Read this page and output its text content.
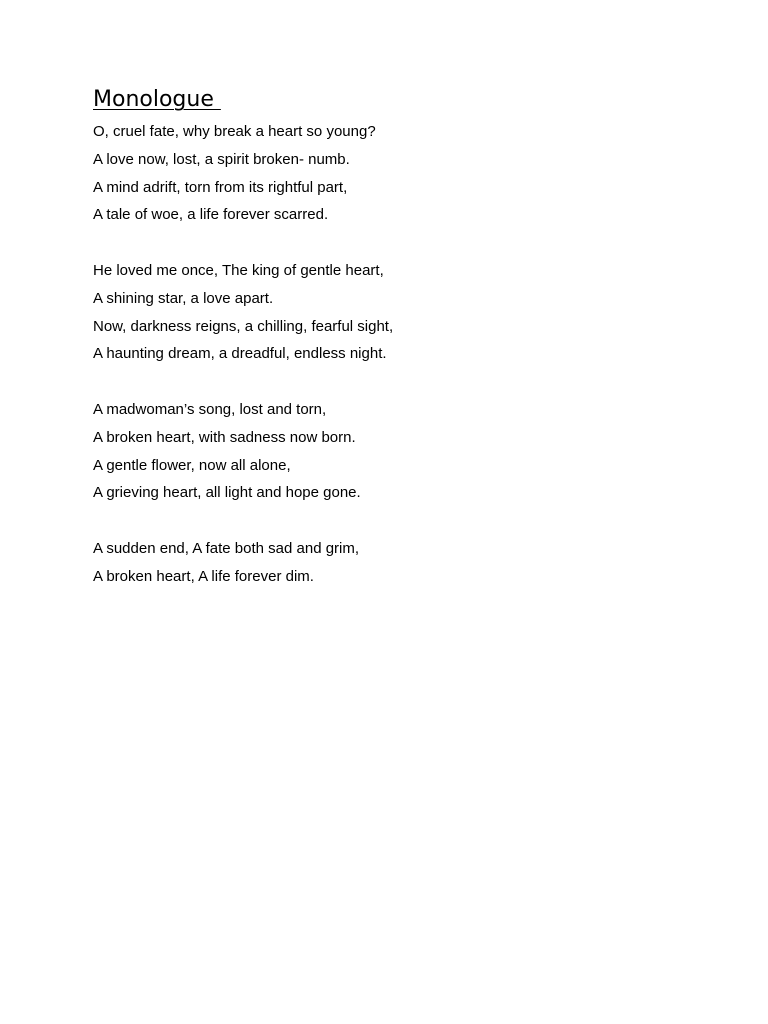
Monologue
O, cruel fate, why break a heart so young?
A love now, lost, a spirit broken- numb.
A mind adrift, torn from its rightful part,
A tale of woe, a life forever scarred.
He loved me once, The king of gentle heart,
A shining star, a love apart.
Now, darkness reigns, a chilling, fearful sight,
A haunting dream, a dreadful, endless night.
A madwoman’s song, lost and torn,
A broken heart, with sadness now born.
A gentle flower, now all alone,
A grieving heart, all light and hope gone.
A sudden end, A fate both sad and grim,
A broken heart, A life forever dim.
